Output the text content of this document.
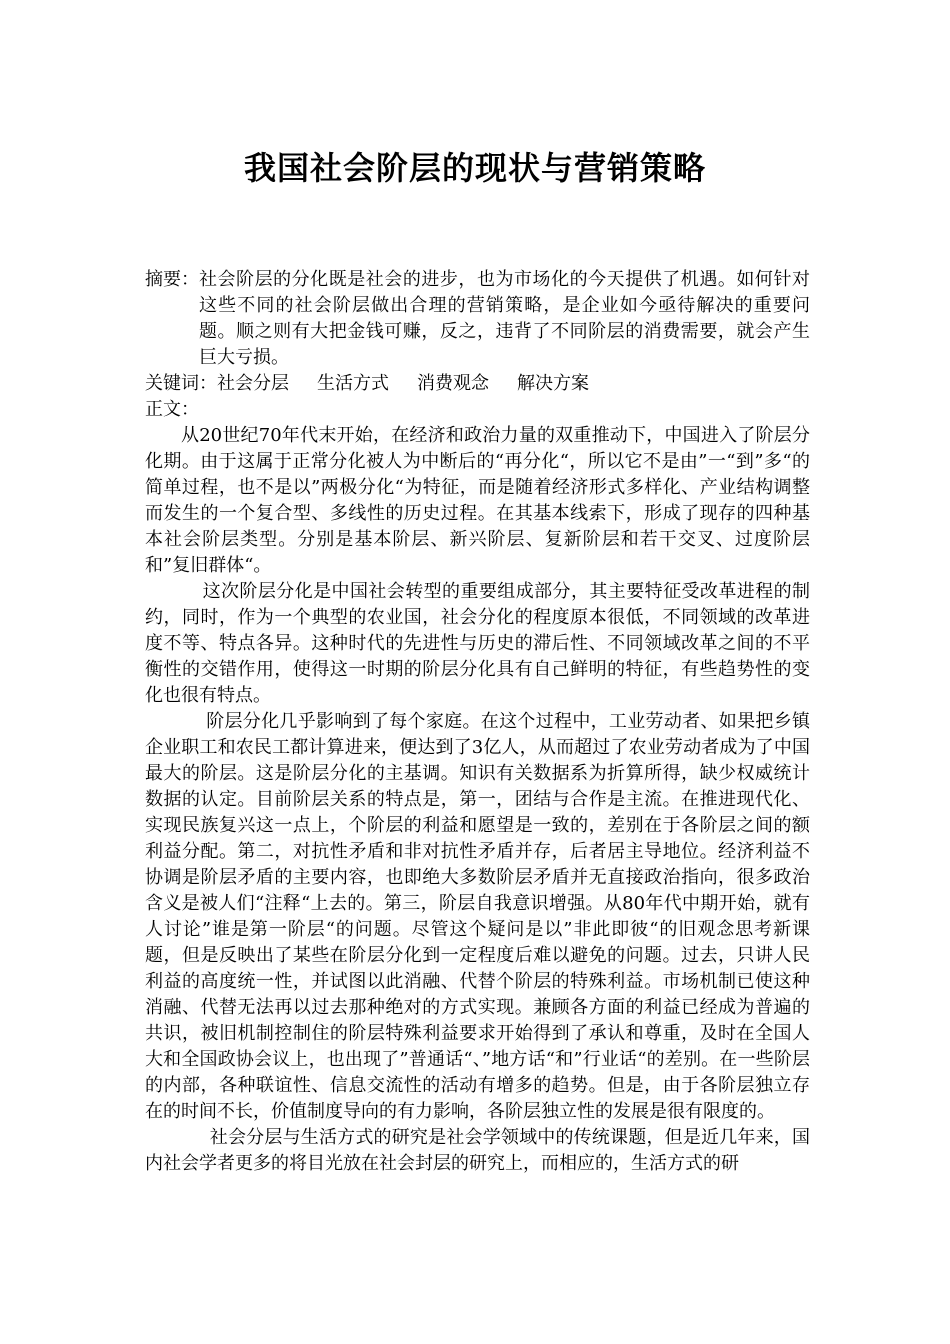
我国社会阶层的现状与营销策略
摘要： 社会阶层的分化既是社会的进步，也为市场化的今天提供了机遇。如何针对这些不同的社会阶层做出合理的营销策略，是企业如今亟待解决的重要问题。顺之则有大把金钱可赚，反之，违背了不同阶层的消费需要，就会产生巨大亏损。

关键词：社会分层 生活方式 消费观念 解决方案

正文：

从20世纪70年代末开始，在经济和政治力量的双重推动下，中国进入了阶层分化期。由于这属于正常分化被人为中断后的“再分化“，所以它不是由”一“到”多“的简单过程，也不是以”两极分化“为特征，而是随着经济形式多样化、产业结构调整而发生的一个复合型、多线性的历史过程。在其基本线索下，形成了现存的四种基本社会阶层类型。分别是基本阶层、新兴阶层、复新阶层和若干交叉、过度阶层和”复旧群体“。

这次阶层分化是中国社会转型的重要组成部分，其主要特征受改革进程的制约，同时，作为一个典型的农业国，社会分化的程度原本很低，不同领域的改革进度不等、特点各异。这种时代的先进性与历史的滞后性、不同领域改革之间的不平衡性的交错作用，使得这一时期的阶层分化具有自己鲜明的特征，有些趋势性的变化也很有特点。

阶层分化几乎影响到了每个家庭。在这个过程中，工业劳动者、如果把乡镇企业职工和农民工都计算进来，便达到了3亿人，从而超过了农业劳动者成为了中国最大的阶层。这是阶层分化的主基调。知识有关数据系为折算所得，缺少权威统计数据的认定。目前阶层关系的特点是，第一，团结与合作是主流。在推进现代化、实现民族复兴这一点上，个阶层的利益和愿望是一致的，差别在于各阶层之间的额利益分配。第二，对抗性矛盾和非对抗性矛盾并存，后者居主导地位。经济利益不协调是阶层矛盾的主要内容，也即绝大多数阶层矛盾并无直接政治指向，很多政治含义是被人们“注释“上去的。第三，阶层自我意识增强。从80年代中期开始，就有人讨论”谁是第一阶层“的问题。尽管这个疑问是以”非此即彼“的旧观念思考新课题，但是反映出了某些在阶层分化到一定程度后难以避免的问题。过去，只讲人民利益的高度统一性，并试图以此消融、代替个阶层的特殊利益。市场机制已使这种消融、代替无法再以过去那种绝对的方式实现。兼顾各方面的利益已经成为普遍的共识，被旧机制控制住的阶层特殊利益要求开始得到了承认和尊重，及时在全国人大和全国政协会议上，也出现了”普通话“、”地方话“和”行业话“的差别。在一些阶层的内部，各种联谊性、信息交流性的活动有增多的趋势。但是，由于各阶层独立存在的时间不长，价值制度导向的有力影响，各阶层独立性的发展是很有限度的。

社会分层与生活方式的研究是社会学领域中的传统课题，但是近几年来，国内社会学者更多的将目光放在社会封层的研究上，而相应的，生活方式的研
